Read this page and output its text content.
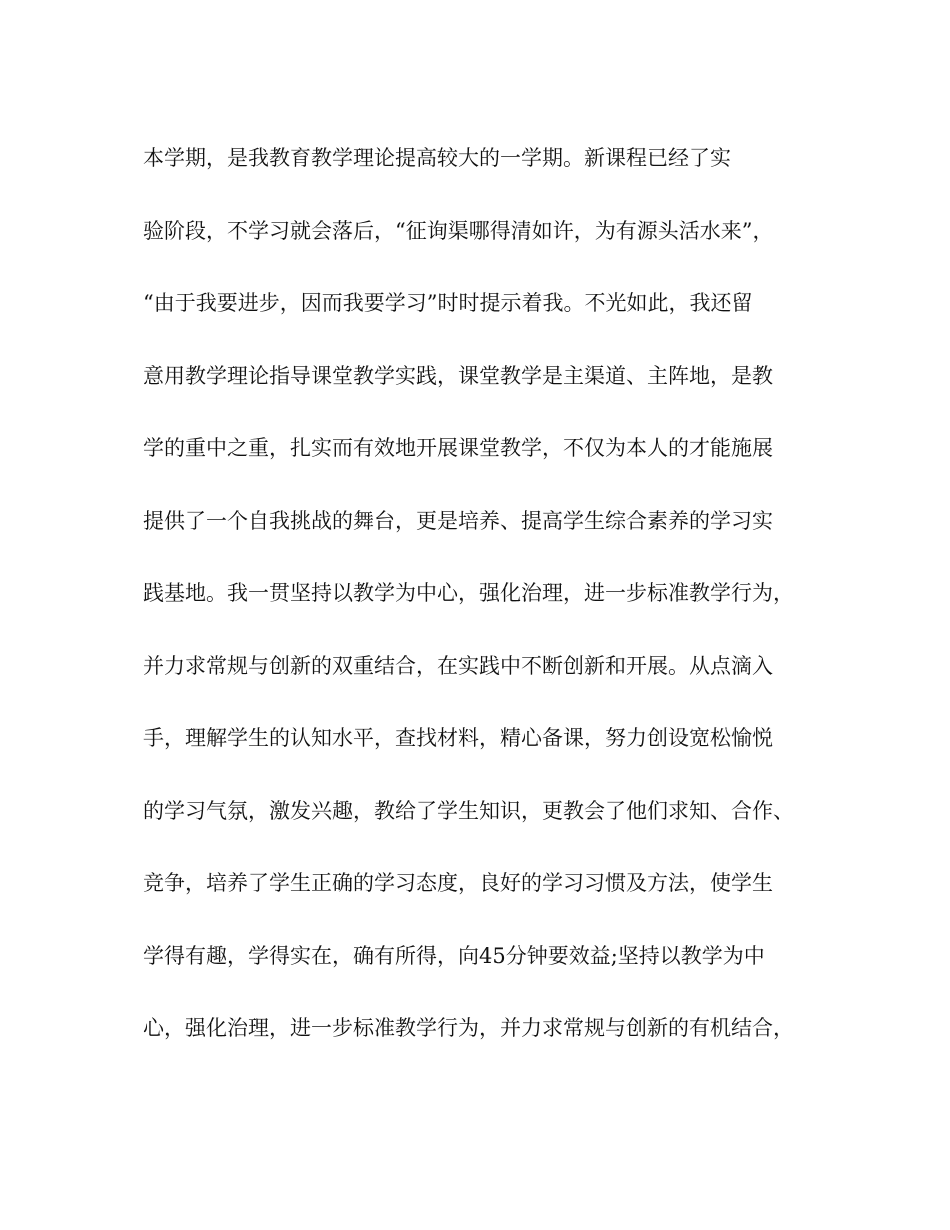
本学期，是我教育教学理论提高较大的一学期。新课程已经了实
验阶段，不学习就会落后，“征询渠哪得清如许，为有源头活水来”，
“由于我要进步，因而我要学习”时时提示着我。不光如此，我还留
意用教学理论指导课堂教学实践，课堂教学是主渠道、主阵地，是教
学的重中之重，扎实而有效地开展课堂教学，不仅为本人的才能施展
提供了一个自我挑战的舞台，更是培养、提高学生综合素养的学习实
践基地。我一贯坚持以教学为中心，强化治理，进一步标准教学行为，
并力求常规与创新的双重结合，在实践中不断创新和开展。从点滴入
手，理解学生的认知水平，查找材料，精心备课，努力创设宽松愉悦
的学习气氛，激发兴趣，教给了学生知识，更教会了他们求知、合作、
竞争，培养了学生正确的学习态度，良好的学习习惯及方法，使学生
学得有趣，学得实在，确有所得，向45分钟要效益;坚持以教学为中
心，强化治理，进一步标准教学行为，并力求常规与创新的有机结合，
